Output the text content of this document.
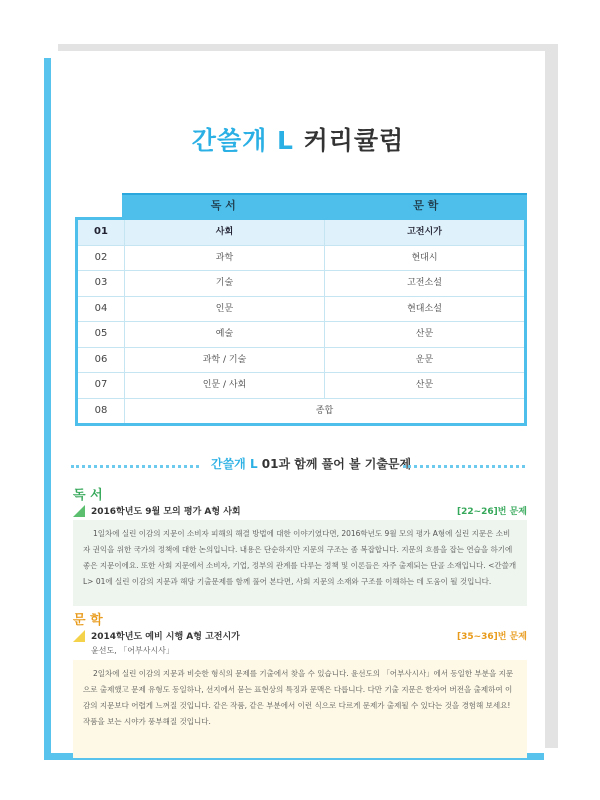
간쓸개 L 커리큘럼
독 서	문 학
01	사회	고전시가
02	과학	현대시
03	기술	고전소설
04	인문	현대소설
05	예술	산문
06	과학 / 기술	운문
07	인문 / 사회	산문
08	종합
간쓸개 L 01과 함께 풀어 볼 기출문제
독 서
2016학년도 9월 모의 평가 A형 사회	[22~26]번 문제
1일차에 실린 이감의 지문이 소비자 피해의 해결 방법에 대한 이야기였다면, 2016학년도 9월 모의 평가 A형에 실린 지문은 소비자 권익을 위한 국가의 정책에 대한 논의입니다. 내용은 단순하지만 지문의 구조는 좀 복잡합니다. 지문의 흐름을 잡는 연습을 하기에 좋은 지문이에요. 또한 사회 지문에서 소비자, 기업, 정부의 관계를 다루는 정책 및 이론들은 자주 출제되는 단골 소재입니다. <간쓸개 L> 01에 실린 이감의 지문과 해당 기출문제를 함께 풀어 본다면, 사회 지문의 소재와 구조를 이해하는 데 도움이 될 것입니다.
문 학
2014학년도 예비 시행 A형 고전시가	[35~36]번 문제
윤선도, 「어부사시사」
2일차에 실린 이감의 지문과 비슷한 형식의 문제를 기출에서 찾을 수 있습니다. 윤선도의 「어부사시사」에서 동일한 부분을 지문으로 출제했고 문제 유형도 동일하나, 선지에서 묻는 표현상의 특징과 문맥은 다릅니다. 다만 기출 지문은 한자어 버전을 출제하여 이감의 지문보다 어렵게 느껴질 것입니다. 같은 작품, 같은 부분에서 이런 식으로 다르게 문제가 출제될 수 있다는 것을 경험해 보세요! 작품을 보는 시야가 풍부해질 것입니다.
